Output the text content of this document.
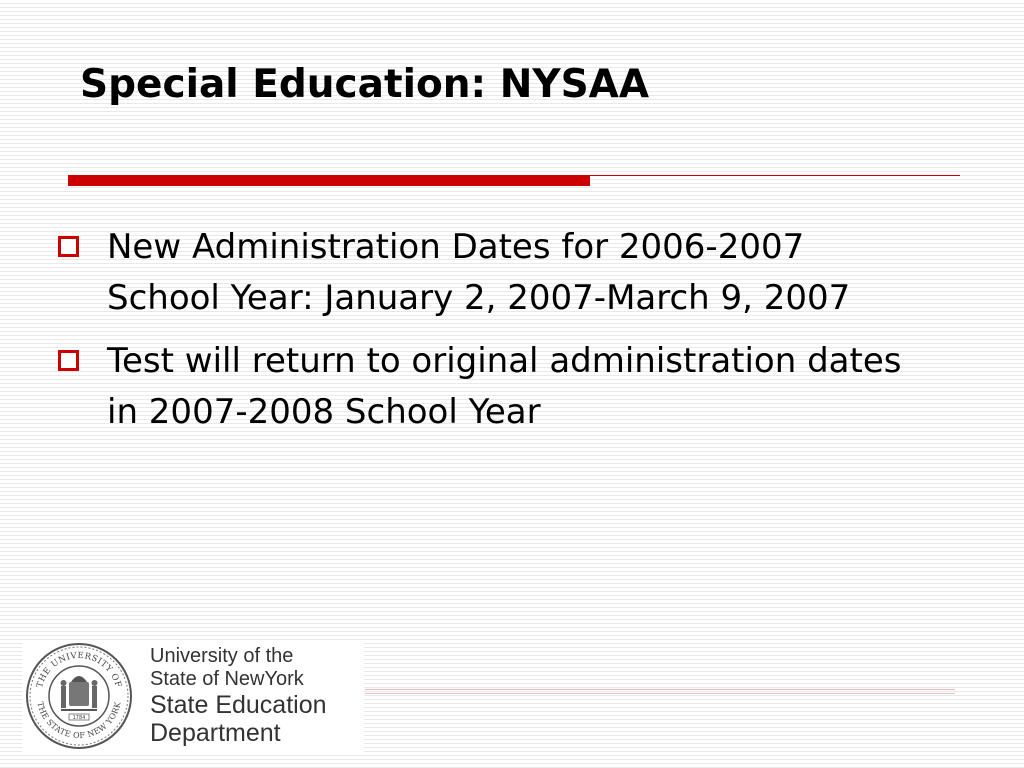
Special Education: NYSAA
New Administration Dates for 2006-2007 School Year: January 2, 2007-March 9, 2007
Test will return to original administration dates in 2007-2008 School Year
THE UNIVERSITY OF
THE STATE OF NEW YORK
1784
University of the
State of NewYork
State Education
Department
